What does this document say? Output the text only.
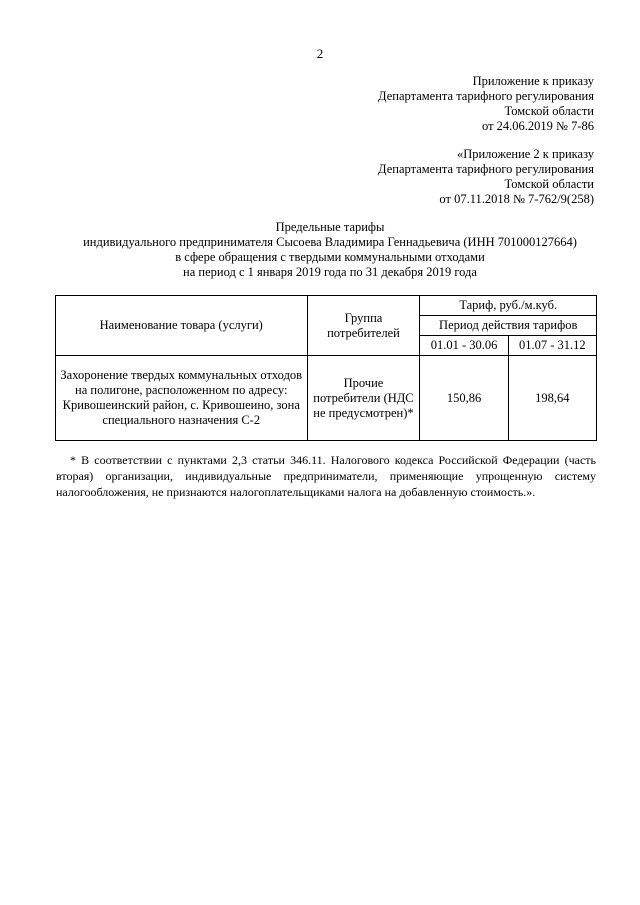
2
Приложение к приказу
Департамента тарифного регулирования
Томской области
от 24.06.2019 № 7-86
«Приложение 2 к приказу
Департамента тарифного регулирования
Томской области
от 07.11.2018 № 7-762/9(258)
Предельные тарифы
индивидуального предпринимателя Сысоева Владимира Геннадьевича (ИНН 701000127664)
в сфере обращения с твердыми коммунальными отходами
на период с 1 января 2019 года по 31 декабря 2019 года
Наименование товара (услуги)	Группа потребителей	Тариф, руб./м.куб.	
		Период действия тарифов	
		01.01 - 30.06	01.07 - 31.12
Захоронение твердых коммунальных отходов на полигоне, расположенном по адресу: Кривошеинский район, с. Кривошеино, зона специального назначения С-2	Прочие потребители (НДС не предусмотрен)*	150,86	198,64
* В соответствии с пунктами 2,3 статьи 346.11. Налогового кодекса Российской Федерации (часть вторая) организации, индивидуальные предприниматели, применяющие упрощенную систему налогообложения, не признаются налогоплательщиками налога на добавленную стоимость.».
